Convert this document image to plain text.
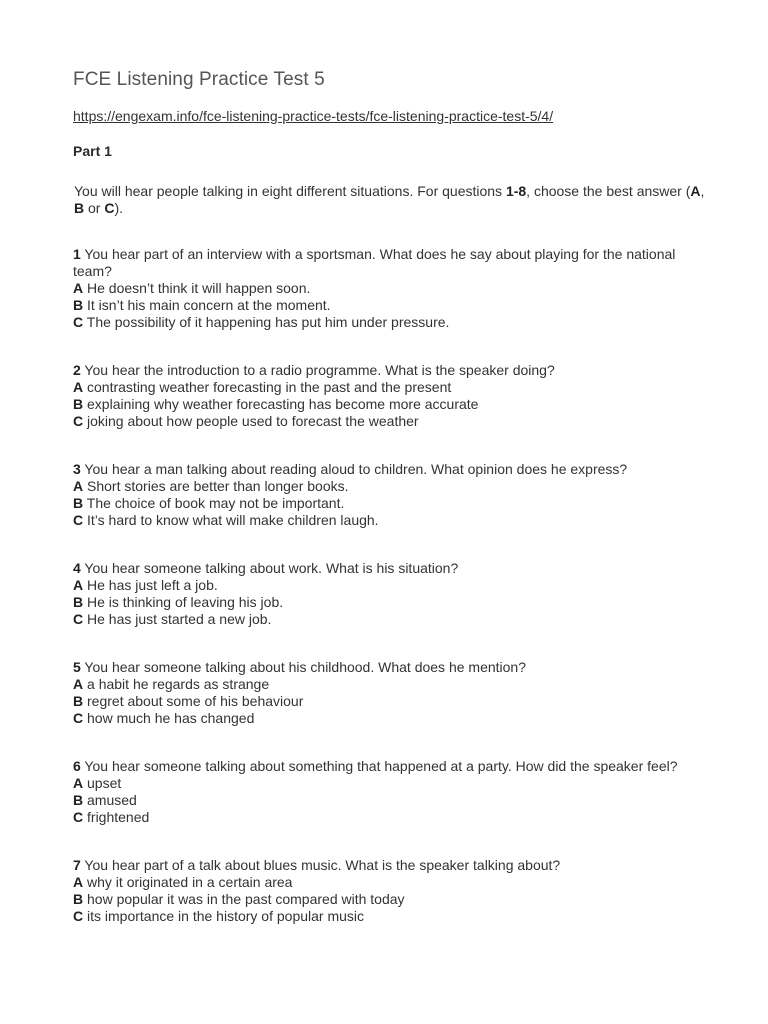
FCE Listening Practice Test 5
https://engexam.info/fce-listening-practice-tests/fce-listening-practice-test-5/4/
Part 1
You will hear people talking in eight different situations. For questions 1-8, choose the best answer (A, B or C).
1 You hear part of an interview with a sportsman. What does he say about playing for the national team?
A He doesn’t think it will happen soon.
B It isn’t his main concern at the moment.
C The possibility of it happening has put him under pressure.
2 You hear the introduction to a radio programme. What is the speaker doing?
A contrasting weather forecasting in the past and the present
B explaining why weather forecasting has become more accurate
C joking about how people used to forecast the weather
3 You hear a man talking about reading aloud to children. What opinion does he express?
A Short stories are better than longer books.
B The choice of book may not be important.
C It’s hard to know what will make children laugh.
4 You hear someone talking about work. What is his situation?
A He has just left a job.
B He is thinking of leaving his job.
C He has just started a new job.
5 You hear someone talking about his childhood. What does he mention?
A a habit he regards as strange
B regret about some of his behaviour
C how much he has changed
6 You hear someone talking about something that happened at a party. How did the speaker feel?
A upset
B amused
C frightened
7 You hear part of a talk about blues music. What is the speaker talking about?
A why it originated in a certain area
B how popular it was in the past compared with today
C its importance in the history of popular music
